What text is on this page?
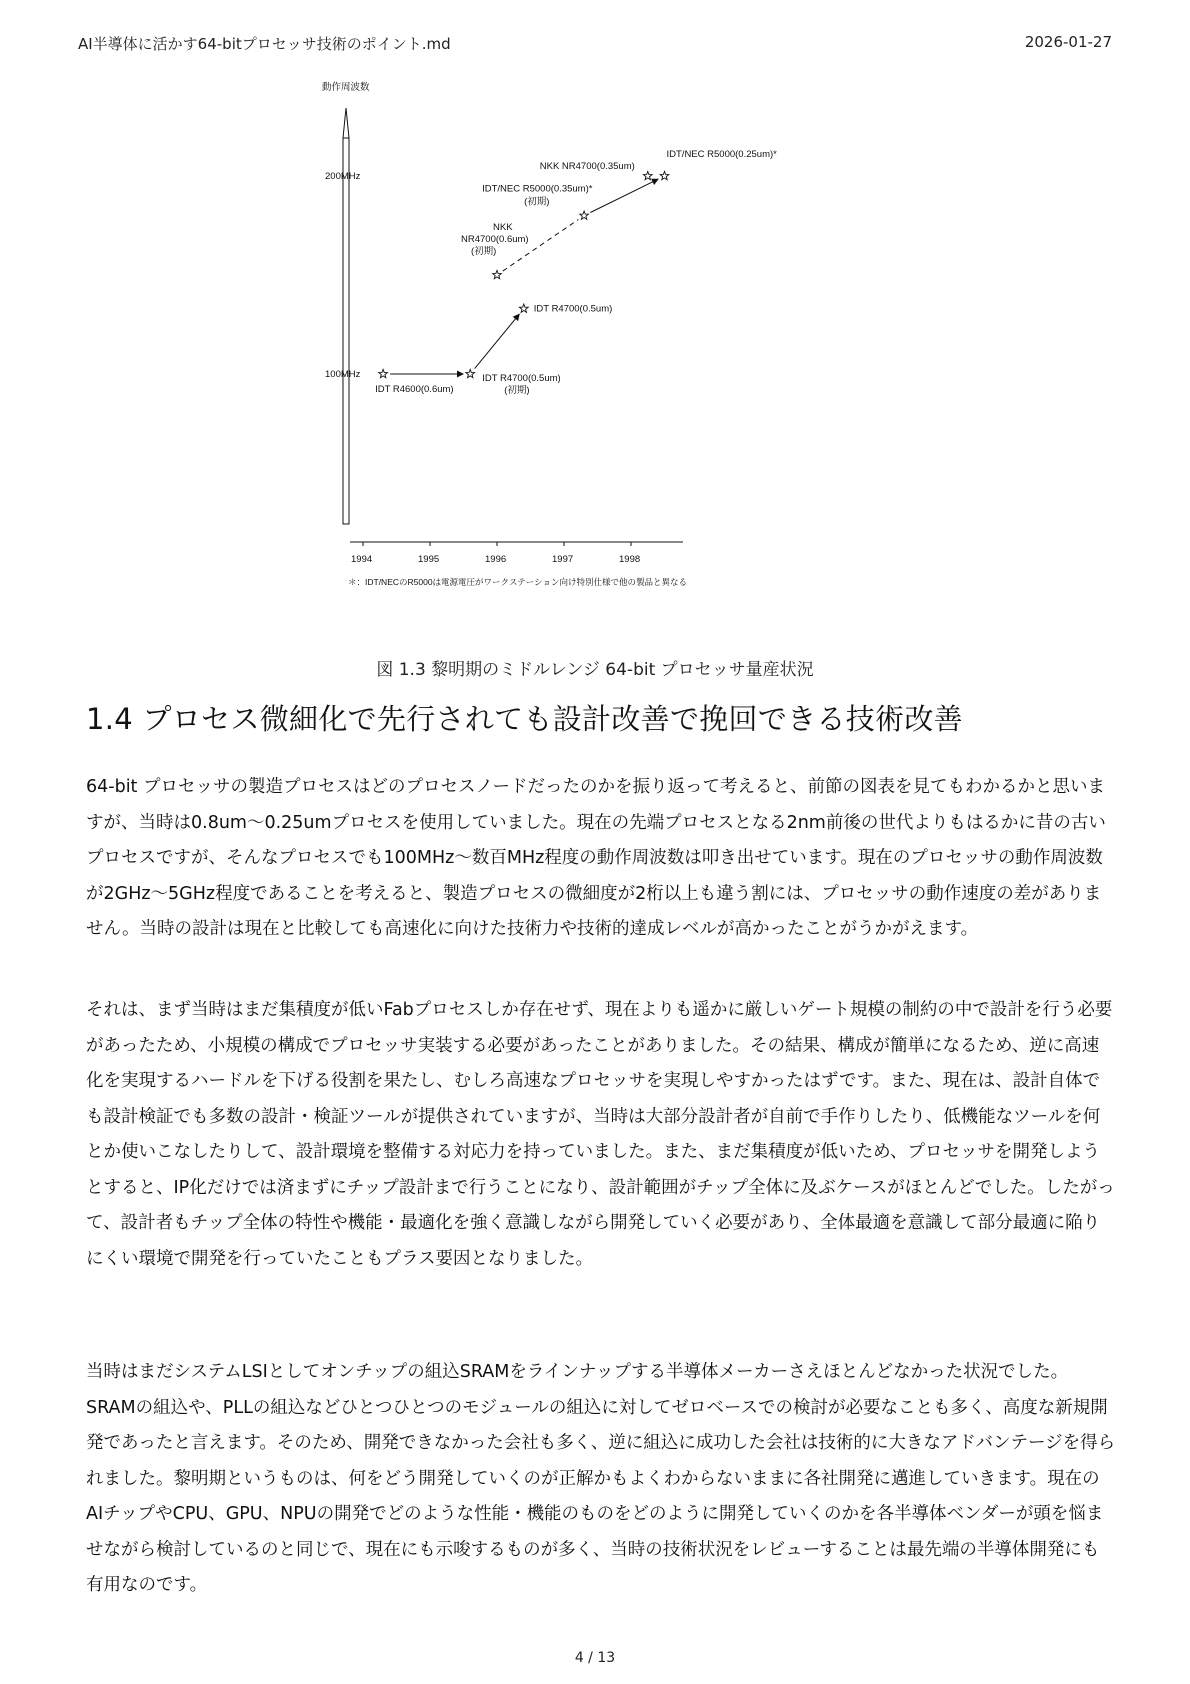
AI半導体に活かす64-bitプロセッサ技術のポイント.md	2026-01-27
100MHz
200MHz
1994	1995	1996	1997	1998
IDT R4600(0.6um)
IDT R4700(0.5um)
(初期)
IDT R4700(0.5um)
NKK
NR4700(0.6um)
(初期)
IDT/NEC R5000(0.35um)*
(初期)
NKK NR4700(0.35um)
IDT/NEC R5000(0.25um)*
動作周波数
＊：IDT/NECのR5000は電源電圧がワークステーション向け特別仕様で他の製品と異なる
図 1.3 黎明期のミドルレンジ 64-bit プロセッサ量産状況
1.4 プロセス微細化で先行されても設計改善で挽回できる技術改善

64-bit プロセッサの製造プロセスはどのプロセスノードだったのかを振り返って考えると、前節の図表を見てもわかるかと思いますが、当時は0.8um～0.25umプロセスを使用していました。現在の先端プロセスとなる2nm前後の世代よりもはるかに昔の古いプロセスですが、そんなプロセスでも100MHz～数百MHz程度の動作周波数は叩き出せています。現在のプロセッサの動作周波数が2GHz～5GHz程度であることを考えると、製造プロセスの微細度が2桁以上も違う割には、プロセッサの動作速度の差がありません。当時の設計は現在と比較しても高速化に向けた技術力や技術的達成レベルが高かったことがうかがえます。

それは、まず当時はまだ集積度が低いFabプロセスしか存在せず、現在よりも遥かに厳しいゲート規模の制約の中で設計を行う必要があったため、小規模の構成でプロセッサ実装する必要があったことがありました。その結果、構成が簡単になるため、逆に高速化を実現するハードルを下げる役割を果たし、むしろ高速なプロセッサを実現しやすかったはずです。また、現在は、設計自体でも設計検証でも多数の設計・検証ツールが提供されていますが、当時は大部分設計者が自前で手作りしたり、低機能なツールを何とか使いこなしたりして、設計環境を整備する対応力を持っていました。また、まだ集積度が低いため、プロセッサを開発しようとすると、IP化だけでは済まずにチップ設計まで行うことになり、設計範囲がチップ全体に及ぶケースがほとんどでした。したがって、設計者もチップ全体の特性や機能・最適化を強く意識しながら開発していく必要があり、全体最適を意識して部分最適に陥りにくい環境で開発を行っていたこともプラス要因となりました。

当時はまだシステムLSIとしてオンチップの組込SRAMをラインナップする半導体メーカーさえほとんどなかった状況でした。SRAMの組込や、PLLの組込などひとつひとつのモジュールの組込に対してゼロベースでの検討が必要なことも多く、高度な新規開発であったと言えます。そのため、開発できなかった会社も多く、逆に組込に成功した会社は技術的に大きなアドバンテージを得られました。黎明期というものは、何をどう開発していくのが正解かもよくわからないままに各社開発に邁進していきます。現在のAIチップやCPU、GPU、NPUの開発でどのような性能・機能のものをどのように開発していくのかを各半導体ベンダーが頭を悩ませながら検討しているのと同じで、現在にも示唆するものが多く、当時の技術状況をレビューすることは最先端の半導体開発にも有用なのです。

4 / 13
